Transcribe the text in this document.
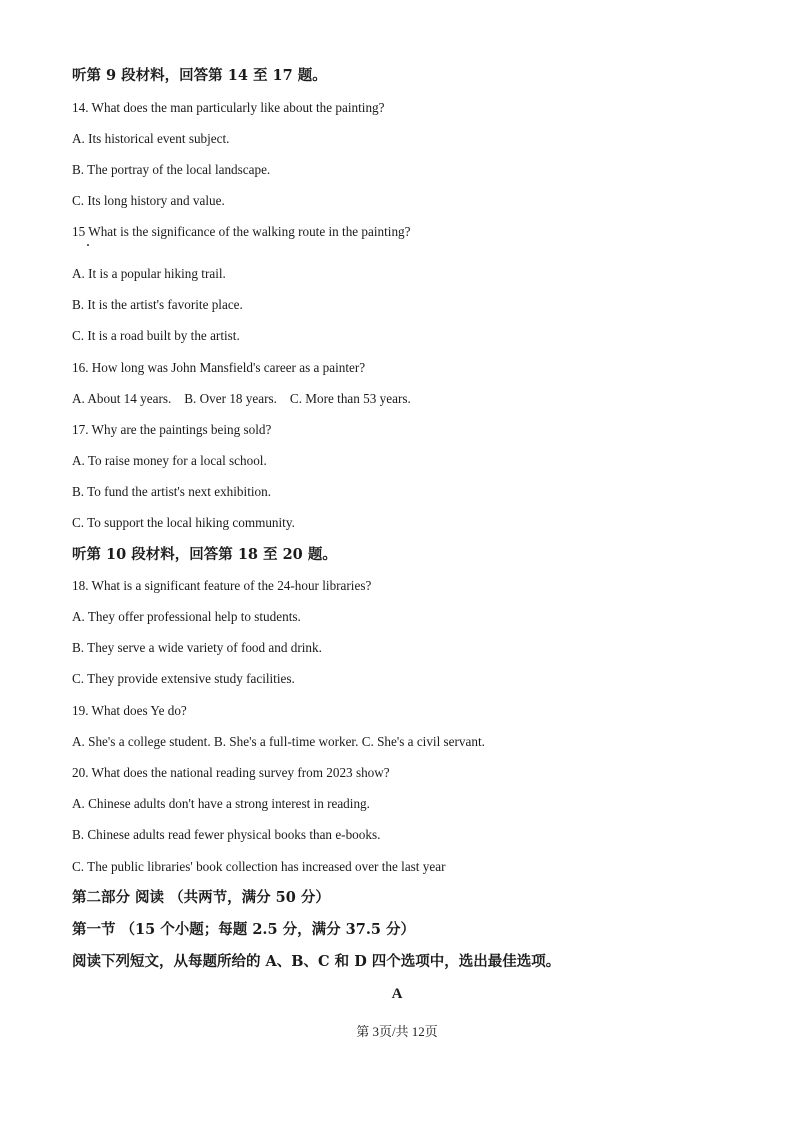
听第 9 段材料，回答第 14 至 17 题。
14. What does the man particularly like about the painting?
A. Its historical event subject.
B. The portray of the local landscape.
C. Its long history and value.
15 What is the significance of the walking route in the painting?
A. It is a popular hiking trail.
B. It is the artist's favorite place.
C. It is a road built by the artist.
16. How long was John Mansfield's career as a painter?
A. About 14 years. B. Over 18 years. C. More than 53 years.
17. Why are the paintings being sold?
A. To raise money for a local school.
B. To fund the artist's next exhibition.
C. To support the local hiking community.
听第 10 段材料，回答第 18 至 20 题。
18. What is a significant feature of the 24-hour libraries?
A. They offer professional help to students.
B. They serve a wide variety of food and drink.
C. They provide extensive study facilities.
19. What does Ye do?
A. She's a college student. B. She's a full-time worker. C. She's a civil servant.
20. What does the national reading survey from 2023 show?
A. Chinese adults don't have a strong interest in reading.
B. Chinese adults read fewer physical books than e-books.
C. The public libraries' book collection has increased over the last year
第二部分 阅读 （共两节，满分 50 分）
第一节 （15 个小题；每题 2.5 分，满分 37.5 分）
阅读下列短文，从每题所给的 A、B、C 和 D 四个选项中，选出最佳选项。
A
第 3页/共 12页
